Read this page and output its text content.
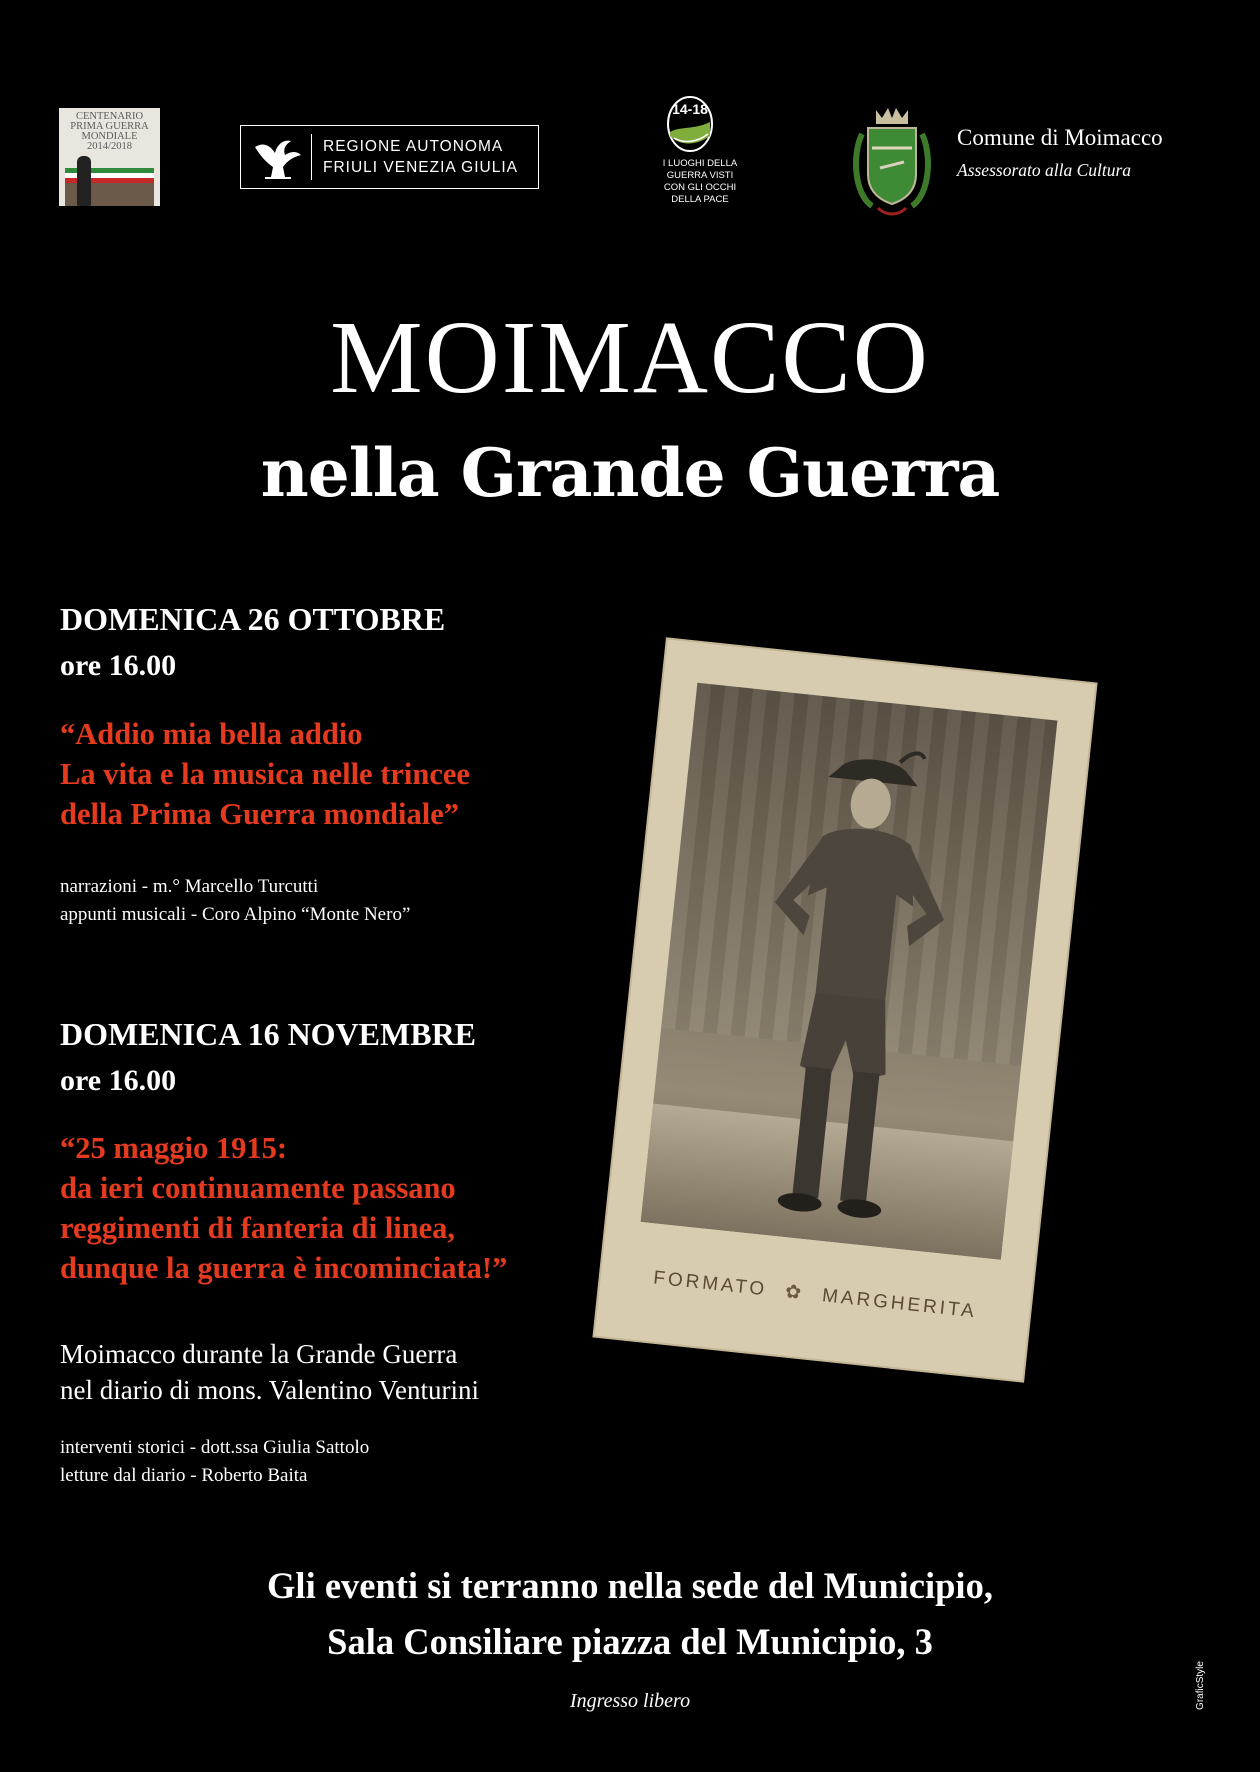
CENTENARIO
PRIMA GUERRA
MONDIALE
2014/2018	REGIONE AUTONOMA
FRIULI VENEZIA GIULIA
14-18
I LUOGHI DELLA
GUERRA VISTI
CON GLI OCCHI
DELLA PACE
Comune di Moimacco
Assessorato alla Cultura
MOIMACCO
nella Grande Guerra
DOMENICA 26 OTTOBRE
ore 16.00
“Addio mia bella addio
La vita e la musica nelle trincee
della Prima Guerra mondiale”
narrazioni - m.° Marcello Turcutti
appunti musicali - Coro Alpino “Monte Nero”
DOMENICA 16 NOVEMBRE
ore 16.00
“25 maggio 1915:
da ieri continuamente passano
reggimenti di fanteria di linea,
dunque la guerra è incominciata!”
Moimacco durante la Grande Guerra
nel diario di mons. Valentino Venturini
interventi storici - dott.ssa Giulia Sattolo
letture dal diario - Roberto Baita
FORMATO ✿ MARGHERITA
GraficStyle
Gli eventi si terranno nella sede del Municipio,
Sala Consiliare piazza del Municipio, 3
Ingresso libero
